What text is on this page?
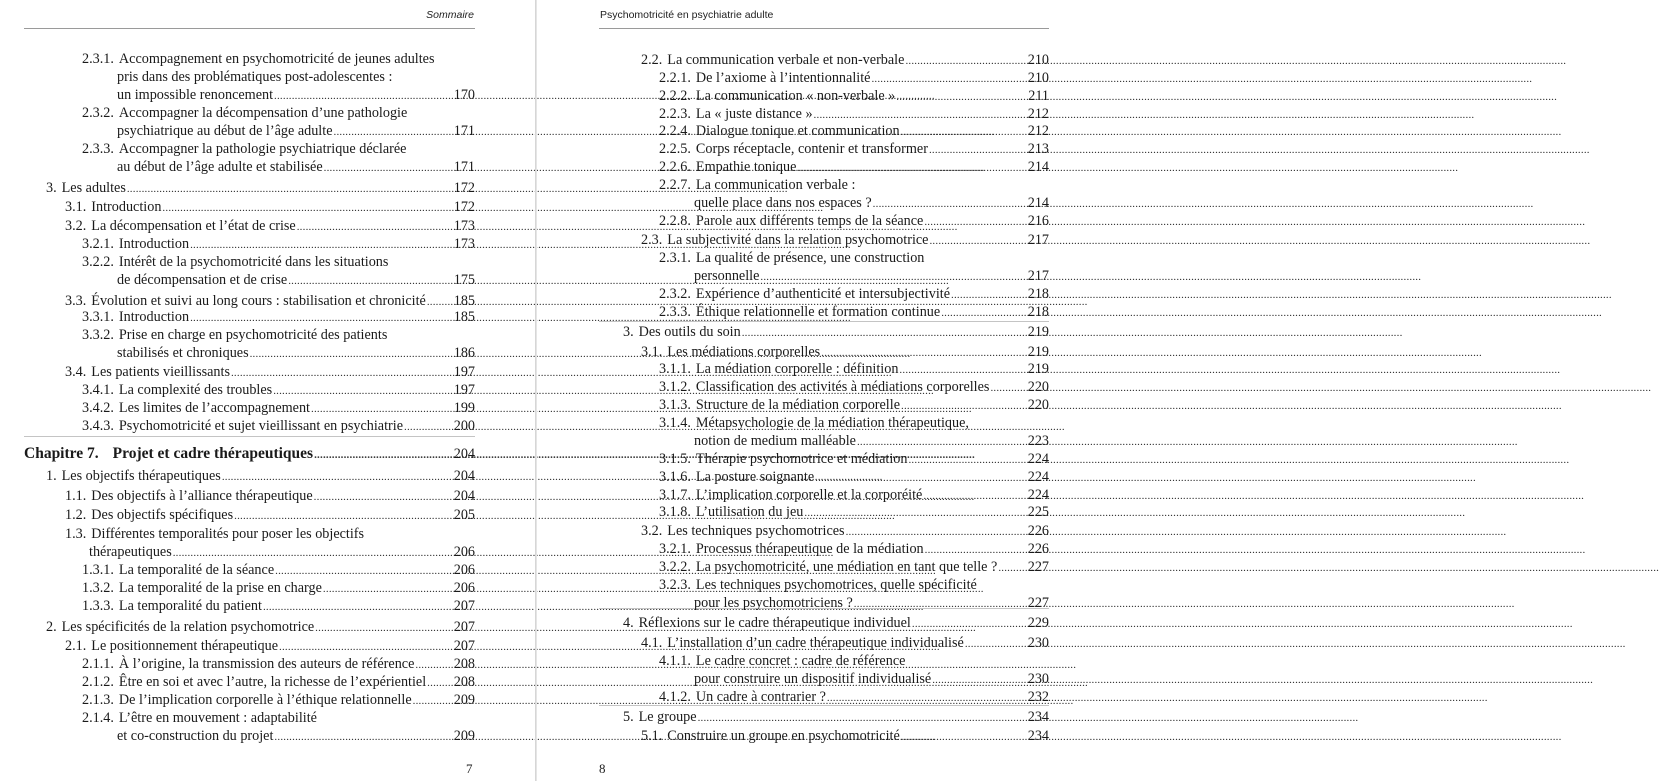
Sommaire
2.3.1. Accompagnement en psychomotricité de jeunes adultes
pris dans des problématiques post-adolescentes :
un impossible renoncement .....	170
2.3.2. Accompagner la décompensation d’une pathologie
psychiatrique au début de l’âge adulte .....	171
2.3.3. Accompagner la pathologie psychiatrique déclarée
au début de l’âge adulte et stabilisée .....	171
3. Les adultes .....	172
3.1. Introduction .....	172
3.2. La décompensation et l’état de crise .....	173
3.2.1. Introduction .....	173
3.2.2. Intérêt de la psychomotricité dans les situations
de décompensation et de crise .....	175
3.3. Évolution et suivi au long cours : stabilisation et chronicité .....	185
3.3.1. Introduction .....	185
3.3.2. Prise en charge en psychomotricité des patients
stabilisés et chroniques .....	186
3.4. Les patients vieillissants .....	197
3.4.1. La complexité des troubles .....	197
3.4.2. Les limites de l’accompagnement .....	199
3.4.3. Psychomotricité et sujet vieillissant en psychiatrie .....	200
Chapitre 7. Projet et cadre thérapeutiques .....	204
1. Les objectifs thérapeutiques .....	204
1.1. Des objectifs à l’alliance thérapeutique .....	204
1.2. Des objectifs spécifiques .....	205
1.3. Différentes temporalités pour poser les objectifs
thérapeutiques .....	206
1.3.1. La temporalité de la séance .....	206
1.3.2. La temporalité de la prise en charge .....	206
1.3.3. La temporalité du patient .....	207
2. Les spécificités de la relation psychomotrice .....	207
2.1. Le positionnement thérapeutique .....	207
2.1.1. À l’origine, la transmission des auteurs de référence .....	208
2.1.2. Être en soi et avec l’autre, la richesse de l’expérientiel .....	208
2.1.3. De l’implication corporelle à l’éthique relationnelle .....	209
2.1.4. L’être en mouvement : adaptabilité
et co-construction du projet .....	209
7
Psychomotricité en psychiatrie adulte
2.2. La communication verbale et non-verbale .....	210
2.2.1. De l’axiome à l’intentionnalité .....	210
2.2.2. La communication « non-verbale » .....	211
2.2.3. La « juste distance » .....	212
2.2.4. Dialogue tonique et communication .....	212
2.2.5. Corps réceptacle, contenir et transformer .....	213
2.2.6. Empathie tonique .....	214
2.2.7. La communication verbale :
quelle place dans nos espaces ? .....	214
2.2.8. Parole aux différents temps de la séance .....	216
2.3. La subjectivité dans la relation psychomotrice .....	217
2.3.1. La qualité de présence, une construction
personnelle .....	217
2.3.2. Expérience d’authenticité et intersubjectivité .....	218
2.3.3. Éthique relationnelle et formation continue .....	218
3. Des outils du soin .....	219
3.1. Les médiations corporelles .....	219
3.1.1. La médiation corporelle : définition .....	219
3.1.2. Classification des activités à médiations corporelles .....	220
3.1.3. Structure de la médiation corporelle .....	220
3.1.4. Métapsychologie de la médiation thérapeutique,
notion de medium malléable .....	223
3.1.5. Thérapie psychomotrice et médiation .....	224
3.1.6. La posture soignante .....	224
3.1.7. L’implication corporelle et la corporéité .....	224
3.1.8. L’utilisation du jeu .....	225
3.2. Les techniques psychomotrices .....	226
3.2.1. Processus thérapeutique de la médiation .....	226
3.2.2. La psychomotricité, une médiation en tant que telle ? .....	227
3.2.3. Les techniques psychomotrices, quelle spécificité
pour les psychomotriciens ? .....	227
4. Réflexions sur le cadre thérapeutique individuel .....	229
4.1. L’installation d’un cadre thérapeutique individualisé .....	230
4.1.1. Le cadre concret : cadre de référence
pour construire un dispositif individualisé .....	230
4.1.2. Un cadre à contrarier ? .....	232
5. Le groupe .....	234
5.1. Construire un groupe en psychomotricité .....	234
8
